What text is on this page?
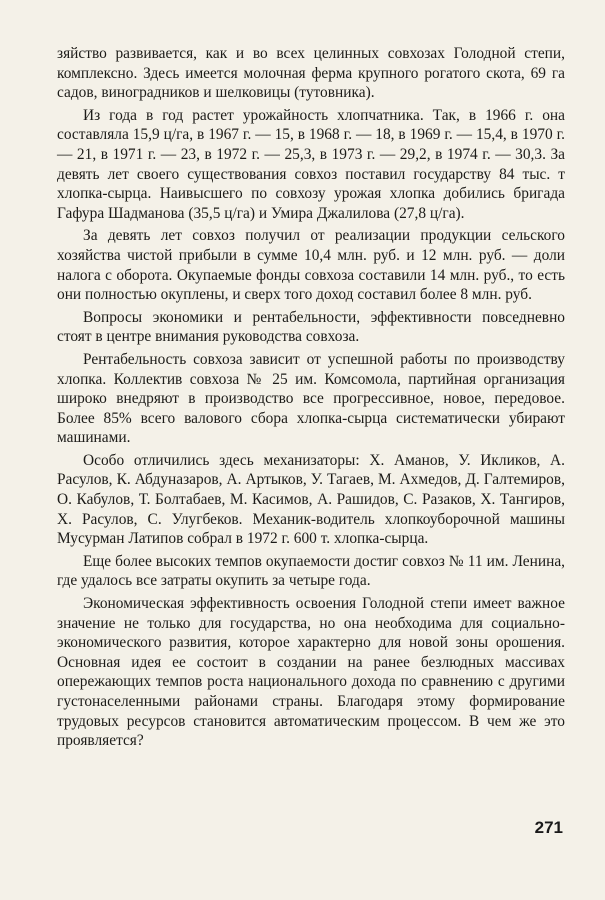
зяйство развивается, как и во всех целинных совхозах Голодной степи, комплексно. Здесь имеется молочная ферма крупного рогатого скота, 69 га садов, виноградников и шелковицы (тутовника).

Из года в год растет урожайность хлопчатника. Так, в 1966 г. она составляла 15,9 ц/га, в 1967 г. — 15, в 1968 г. — 18, в 1969 г. — 15,4, в 1970 г. — 21, в 1971 г. — 23, в 1972 г. — 25,3, в 1973 г. — 29,2, в 1974 г. — 30,3. За девять лет своего существования совхоз поставил государству 84 тыс. т хлопка-сырца. Наивысшего по совхозу урожая хлопка добились бригада Гафура Шадманова (35,5 ц/га) и Умира Джалилова (27,8 ц/га).

За девять лет совхоз получил от реализации продукции сельского хозяйства чистой прибыли в сумме 10,4 млн. руб. и 12 млн. руб. — доли налога с оборота. Окупаемые фонды совхоза составили 14 млн. руб., то есть они полностью окуплены, и сверх того доход составил более 8 млн. руб.

Вопросы экономики и рентабельности, эффективности повседневно стоят в центре внимания руководства совхоза.

Рентабельность совхоза зависит от успешной работы по производству хлопка. Коллектив совхоза № 25 им. Комсомола, партийная организация широко внедряют в производство все прогрессивное, новое, передовое. Более 85% всего валового сбора хлопка-сырца систематически убирают машинами.

Особо отличились здесь механизаторы: Х. Аманов, У. Икликов, А. Расулов, К. Абдуназаров, А. Артыков, У. Тагаев, М. Ахмедов, Д. Галтемиров, О. Кабулов, Т. Болтабаев, М. Касимов, А. Рашидов, С. Разаков, Х. Тангиров, Х. Расулов, С. Улугбеков. Механик-водитель хлопкоуборочной машины Мусурман Латипов собрал в 1972 г. 600 т. хлопка-сырца.

Еще более высоких темпов окупаемости достиг совхоз № 11 им. Ленина, где удалось все затраты окупить за четыре года.

Экономическая эффективность освоения Голодной степи имеет важное значение не только для государства, но она необходима для социально-экономического развития, которое характерно для новой зоны орошения. Основная идея ее состоит в создании на ранее безлюдных массивах опережающих темпов роста национального дохода по сравнению с другими густонаселенными районами страны. Благодаря этому формирование трудовых ресурсов становится автоматическим процессом. В чем же это проявляется?

271
